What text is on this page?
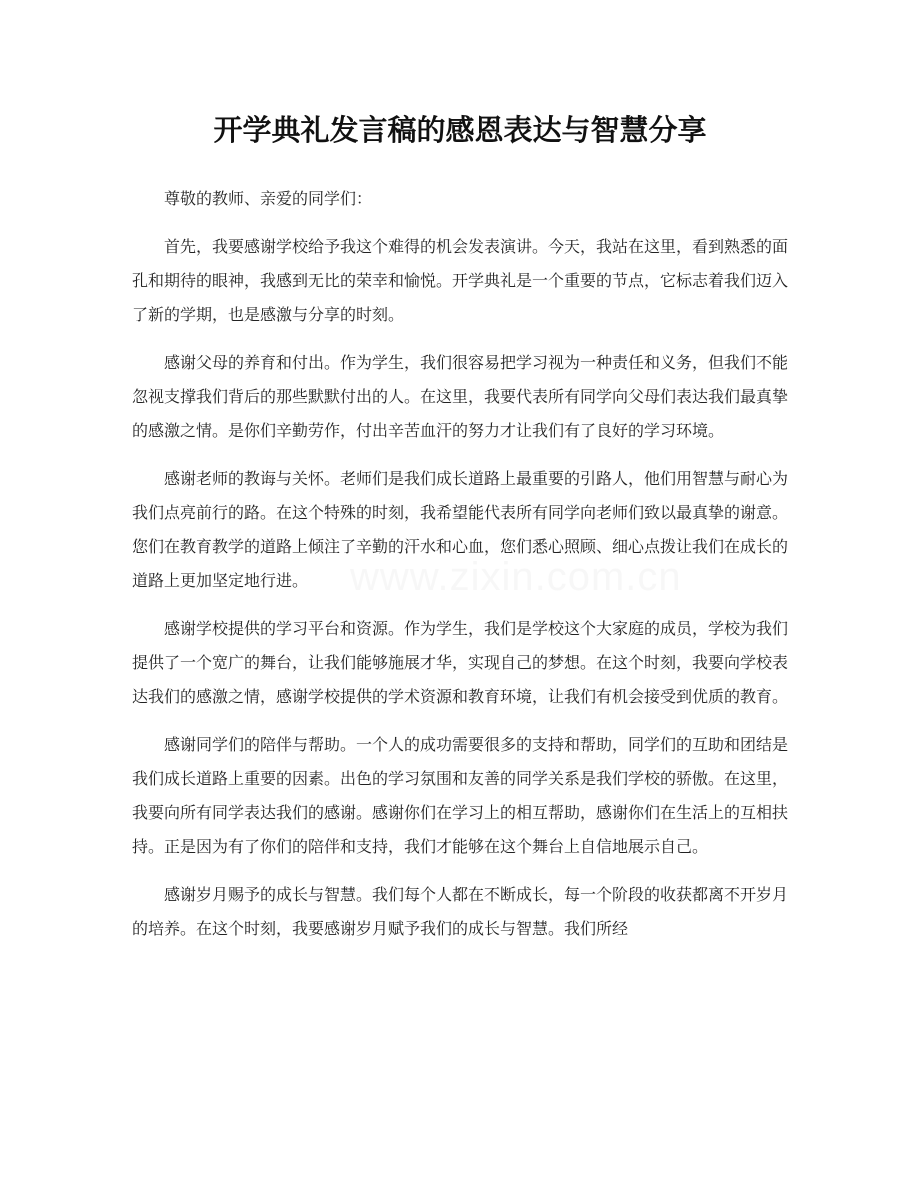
www.zixin.com.cn
开学典礼发言稿的感恩表达与智慧分享

尊敬的教师、亲爱的同学们：

首先，我要感谢学校给予我这个难得的机会发表演讲。今天，我站在这里，看到熟悉的面孔和期待的眼神，我感到无比的荣幸和愉悦。开学典礼是一个重要的节点，它标志着我们迈入了新的学期，也是感激与分享的时刻。

感谢父母的养育和付出。作为学生，我们很容易把学习视为一种责任和义务，但我们不能忽视支撑我们背后的那些默默付出的人。在这里，我要代表所有同学向父母们表达我们最真挚的感激之情。是你们辛勤劳作，付出辛苦血汗的努力才让我们有了良好的学习环境。

感谢老师的教诲与关怀。老师们是我们成长道路上最重要的引路人，他们用智慧与耐心为我们点亮前行的路。在这个特殊的时刻，我希望能代表所有同学向老师们致以最真挚的谢意。您们在教育教学的道路上倾注了辛勤的汗水和心血，您们悉心照顾、细心点拨让我们在成长的道路上更加坚定地行进。

感谢学校提供的学习平台和资源。作为学生，我们是学校这个大家庭的成员，学校为我们提供了一个宽广的舞台，让我们能够施展才华，实现自己的梦想。在这个时刻，我要向学校表达我们的感激之情，感谢学校提供的学术资源和教育环境，让我们有机会接受到优质的教育。

感谢同学们的陪伴与帮助。一个人的成功需要很多的支持和帮助，同学们的互助和团结是我们成长道路上重要的因素。出色的学习氛围和友善的同学关系是我们学校的骄傲。在这里，我要向所有同学表达我们的感谢。感谢你们在学习上的相互帮助，感谢你们在生活上的互相扶持。正是因为有了你们的陪伴和支持，我们才能够在这个舞台上自信地展示自己。

感谢岁月赐予的成长与智慧。我们每个人都在不断成长，每一个阶段的收获都离不开岁月的培养。在这个时刻，我要感谢岁月赋予我们的成长与智慧。我们所经
